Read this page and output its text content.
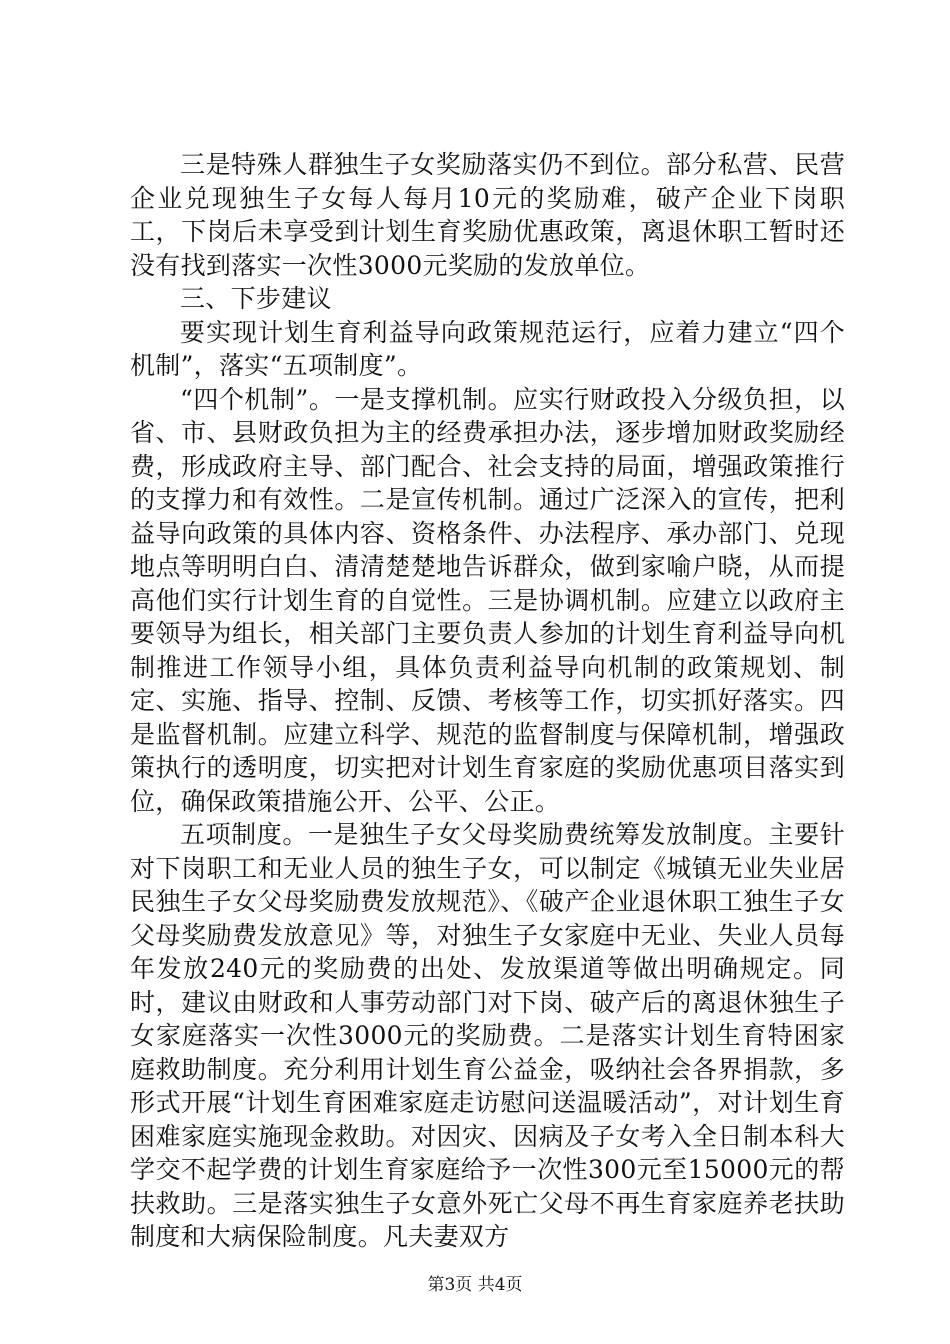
三是特殊人群独生子女奖励落实仍不到位。部分私营、民营企业兑现独生子女每人每月10元的奖励难，破产企业下岗职工，下岗后未享受到计划生育奖励优惠政策，离退休职工暂时还没有找到落实一次性3000元奖励的发放单位。

三、下步建议

要实现计划生育利益导向政策规范运行，应着力建立“四个机制”，落实“五项制度”。

“四个机制”。一是支撑机制。应实行财政投入分级负担，以省、市、县财政负担为主的经费承担办法，逐步增加财政奖励经费，形成政府主导、部门配合、社会支持的局面，增强政策推行的支撑力和有效性。二是宣传机制。通过广泛深入的宣传，把利益导向政策的具体内容、资格条件、办法程序、承办部门、兑现地点等明明白白、清清楚楚地告诉群众，做到家喻户晓，从而提高他们实行计划生育的自觉性。三是协调机制。应建立以政府主要领导为组长，相关部门主要负责人参加的计划生育利益导向机制推进工作领导小组，具体负责利益导向机制的政策规划、制定、实施、指导、控制、反馈、考核等工作，切实抓好落实。四是监督机制。应建立科学、规范的监督制度与保障机制，增强政策执行的透明度，切实把对计划生育家庭的奖励优惠项目落实到位，确保政策措施公开、公平、公正。

五项制度。一是独生子女父母奖励费统筹发放制度。主要针对下岗职工和无业人员的独生子女，可以制定《城镇无业失业居民独生子女父母奖励费发放规范》、《破产企业退休职工独生子女父母奖励费发放意见》等，对独生子女家庭中无业、失业人员每年发放240元的奖励费的出处、发放渠道等做出明确规定。同时，建议由财政和人事劳动部门对下岗、破产后的离退休独生子女家庭落实一次性3000元的奖励费。二是落实计划生育特困家庭救助制度。充分利用计划生育公益金，吸纳社会各界捐款，多形式开展“计划生育困难家庭走访慰问送温暖活动”，对计划生育困难家庭实施现金救助。对因灾、因病及子女考入全日制本科大学交不起学费的计划生育家庭给予一次性300元至15000元的帮扶救助。三是落实独生子女意外死亡父母不再生育家庭养老扶助制度和大病保险制度。凡夫妻双方

第3页 共4页
